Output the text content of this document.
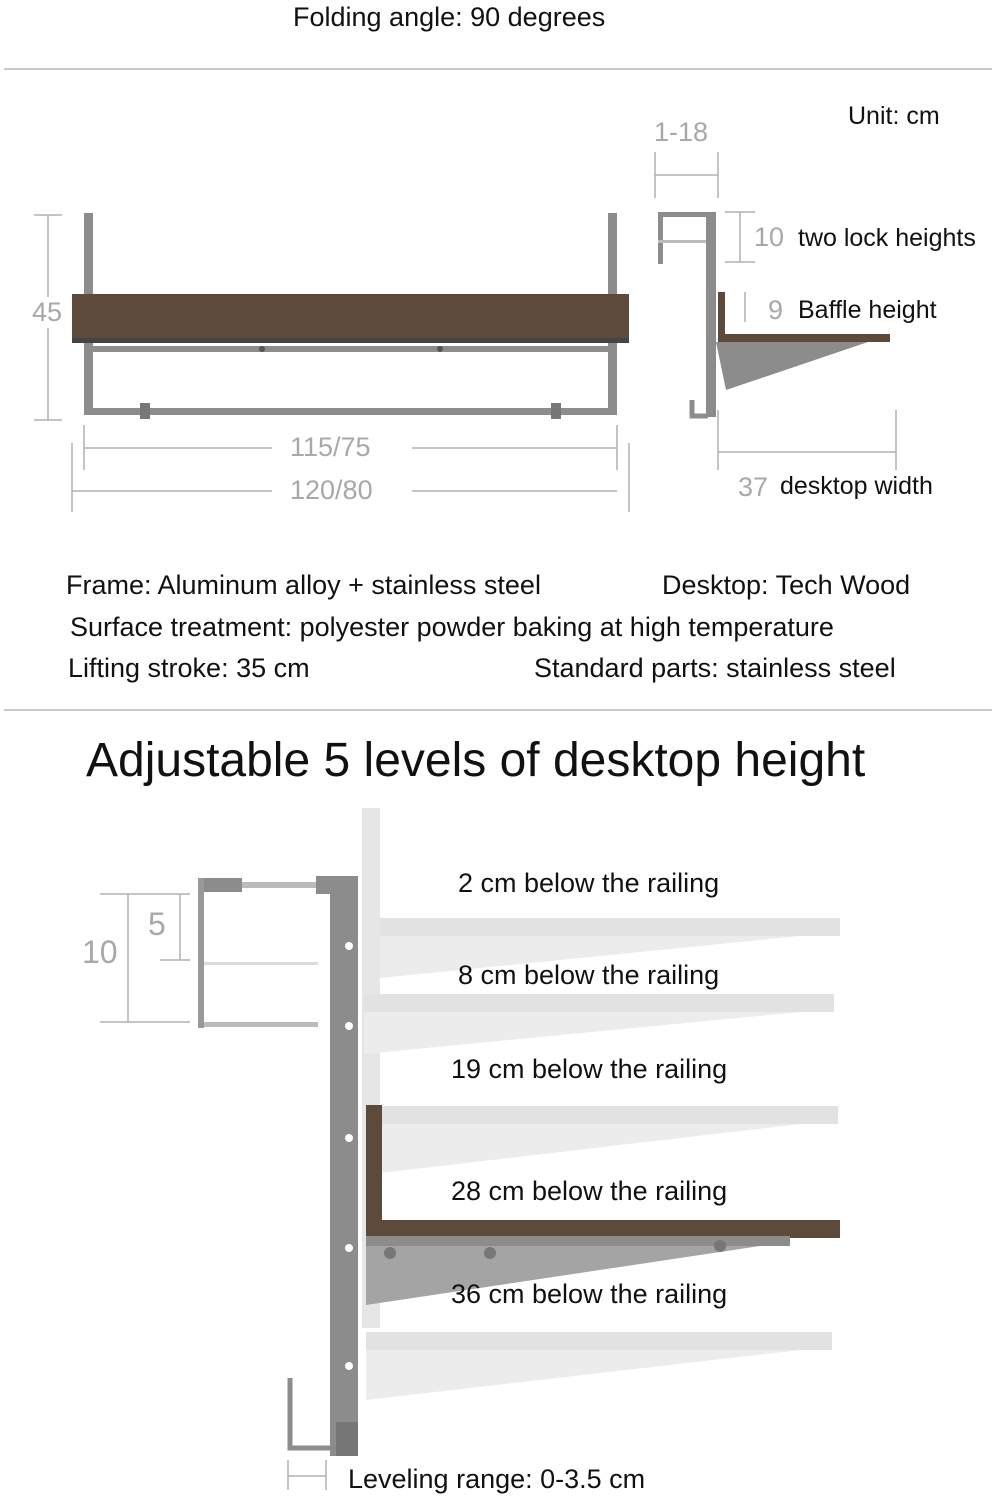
Folding angle: 90 degrees
Unit: cm
45
115/75
120/80
1-18
10 two lock heights
9 Baffle height
37 desktop width
Frame: Aluminum alloy + stainless steel	Desktop: Tech Wood
Surface treatment: polyester powder baking at high temperature
Lifting stroke: 35 cm	Standard parts: stainless steel
Adjustable 5 levels of desktop height
10
5
2 cm below the railing
8 cm below the railing
19 cm below the railing
28 cm below the railing
36 cm below the railing
Leveling range: 0-3.5 cm
